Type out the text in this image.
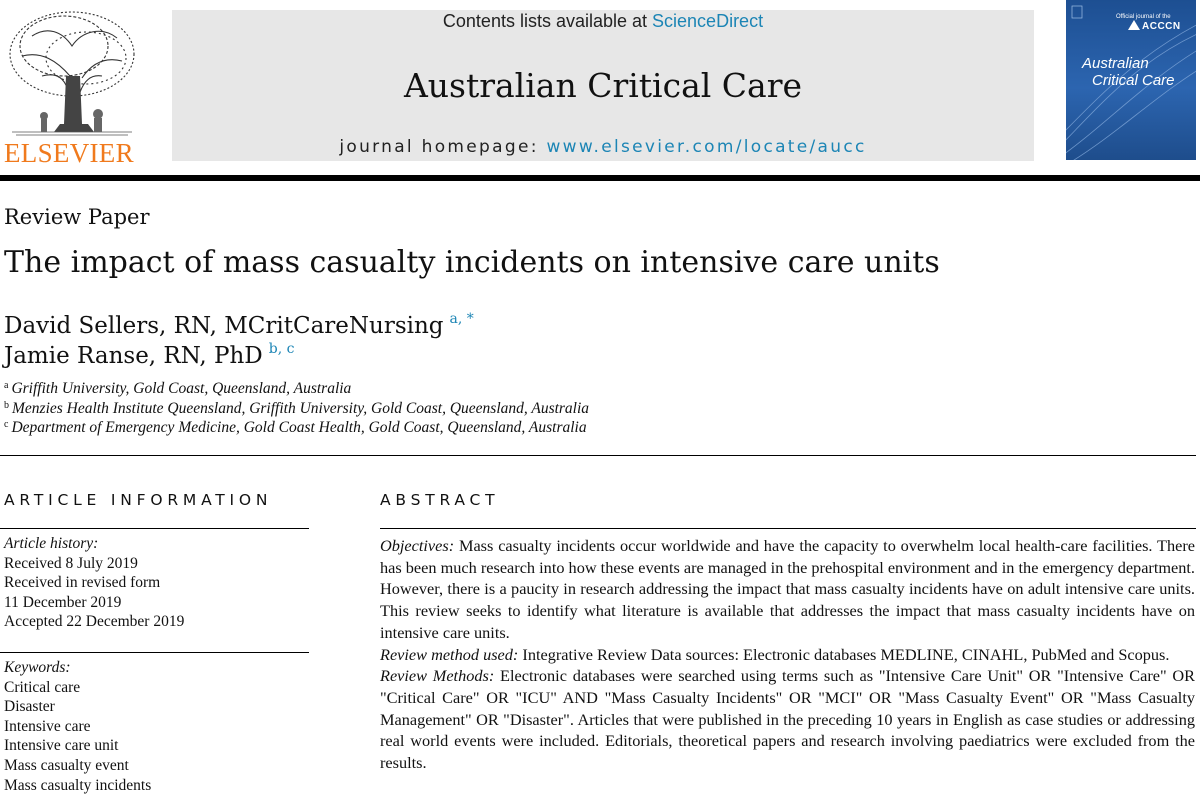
ELSEVIER
Contents lists available at ScienceDirect
Australian Critical Care
journal homepage: www.elsevier.com/locate/aucc
Official journal of the
ACCCN
Australian
Critical Care
Review Paper
The impact of mass casualty incidents on intensive care units
David Sellers, RN, MCritCareNursing $^{a, *}$
Jamie Ranse, RN, PhD $^{b, c}$
$^a$ Griffith University, Gold Coast, Queensland, Australia
$^b$ Menzies Health Institute Queensland, Griffith University, Gold Coast, Queensland, Australia
$^c$ Department of Emergency Medicine, Gold Coast Health, Gold Coast, Queensland, Australia
ARTICLE INFORMATION
Article history:
Received 8 July 2019
Received in revised form
11 December 2019
Accepted 22 December 2019
Keywords:
Critical care
Disaster
Intensive care
Intensive care unit
Mass casualty event
Mass casualty incidents
ABSTRACT

Objectives: Mass casualty incidents occur worldwide and have the capacity to overwhelm local health-care facilities. There has been much research into how these events are managed in the prehospital environment and in the emergency department. However, there is a paucity in research addressing the impact that mass casualty incidents have on adult intensive care units. This review seeks to identify what literature is available that addresses the impact that mass casualty incidents have on intensive care units.

Review method used: Integrative Review Data sources: Electronic databases MEDLINE, CINAHL, PubMed and Scopus.

Review Methods: Electronic databases were searched using terms such as "Intensive Care Unit" OR "Intensive Care" OR "Critical Care" OR "ICU" AND "Mass Casualty Incidents" OR "MCI" OR "Mass Casualty Event" OR "Mass Casualty Management" OR "Disaster". Articles that were published in the preceding 10 years in English as case studies or addressing real world events were included. Editorials, theoretical papers and research involving paediatrics were excluded from the results.
